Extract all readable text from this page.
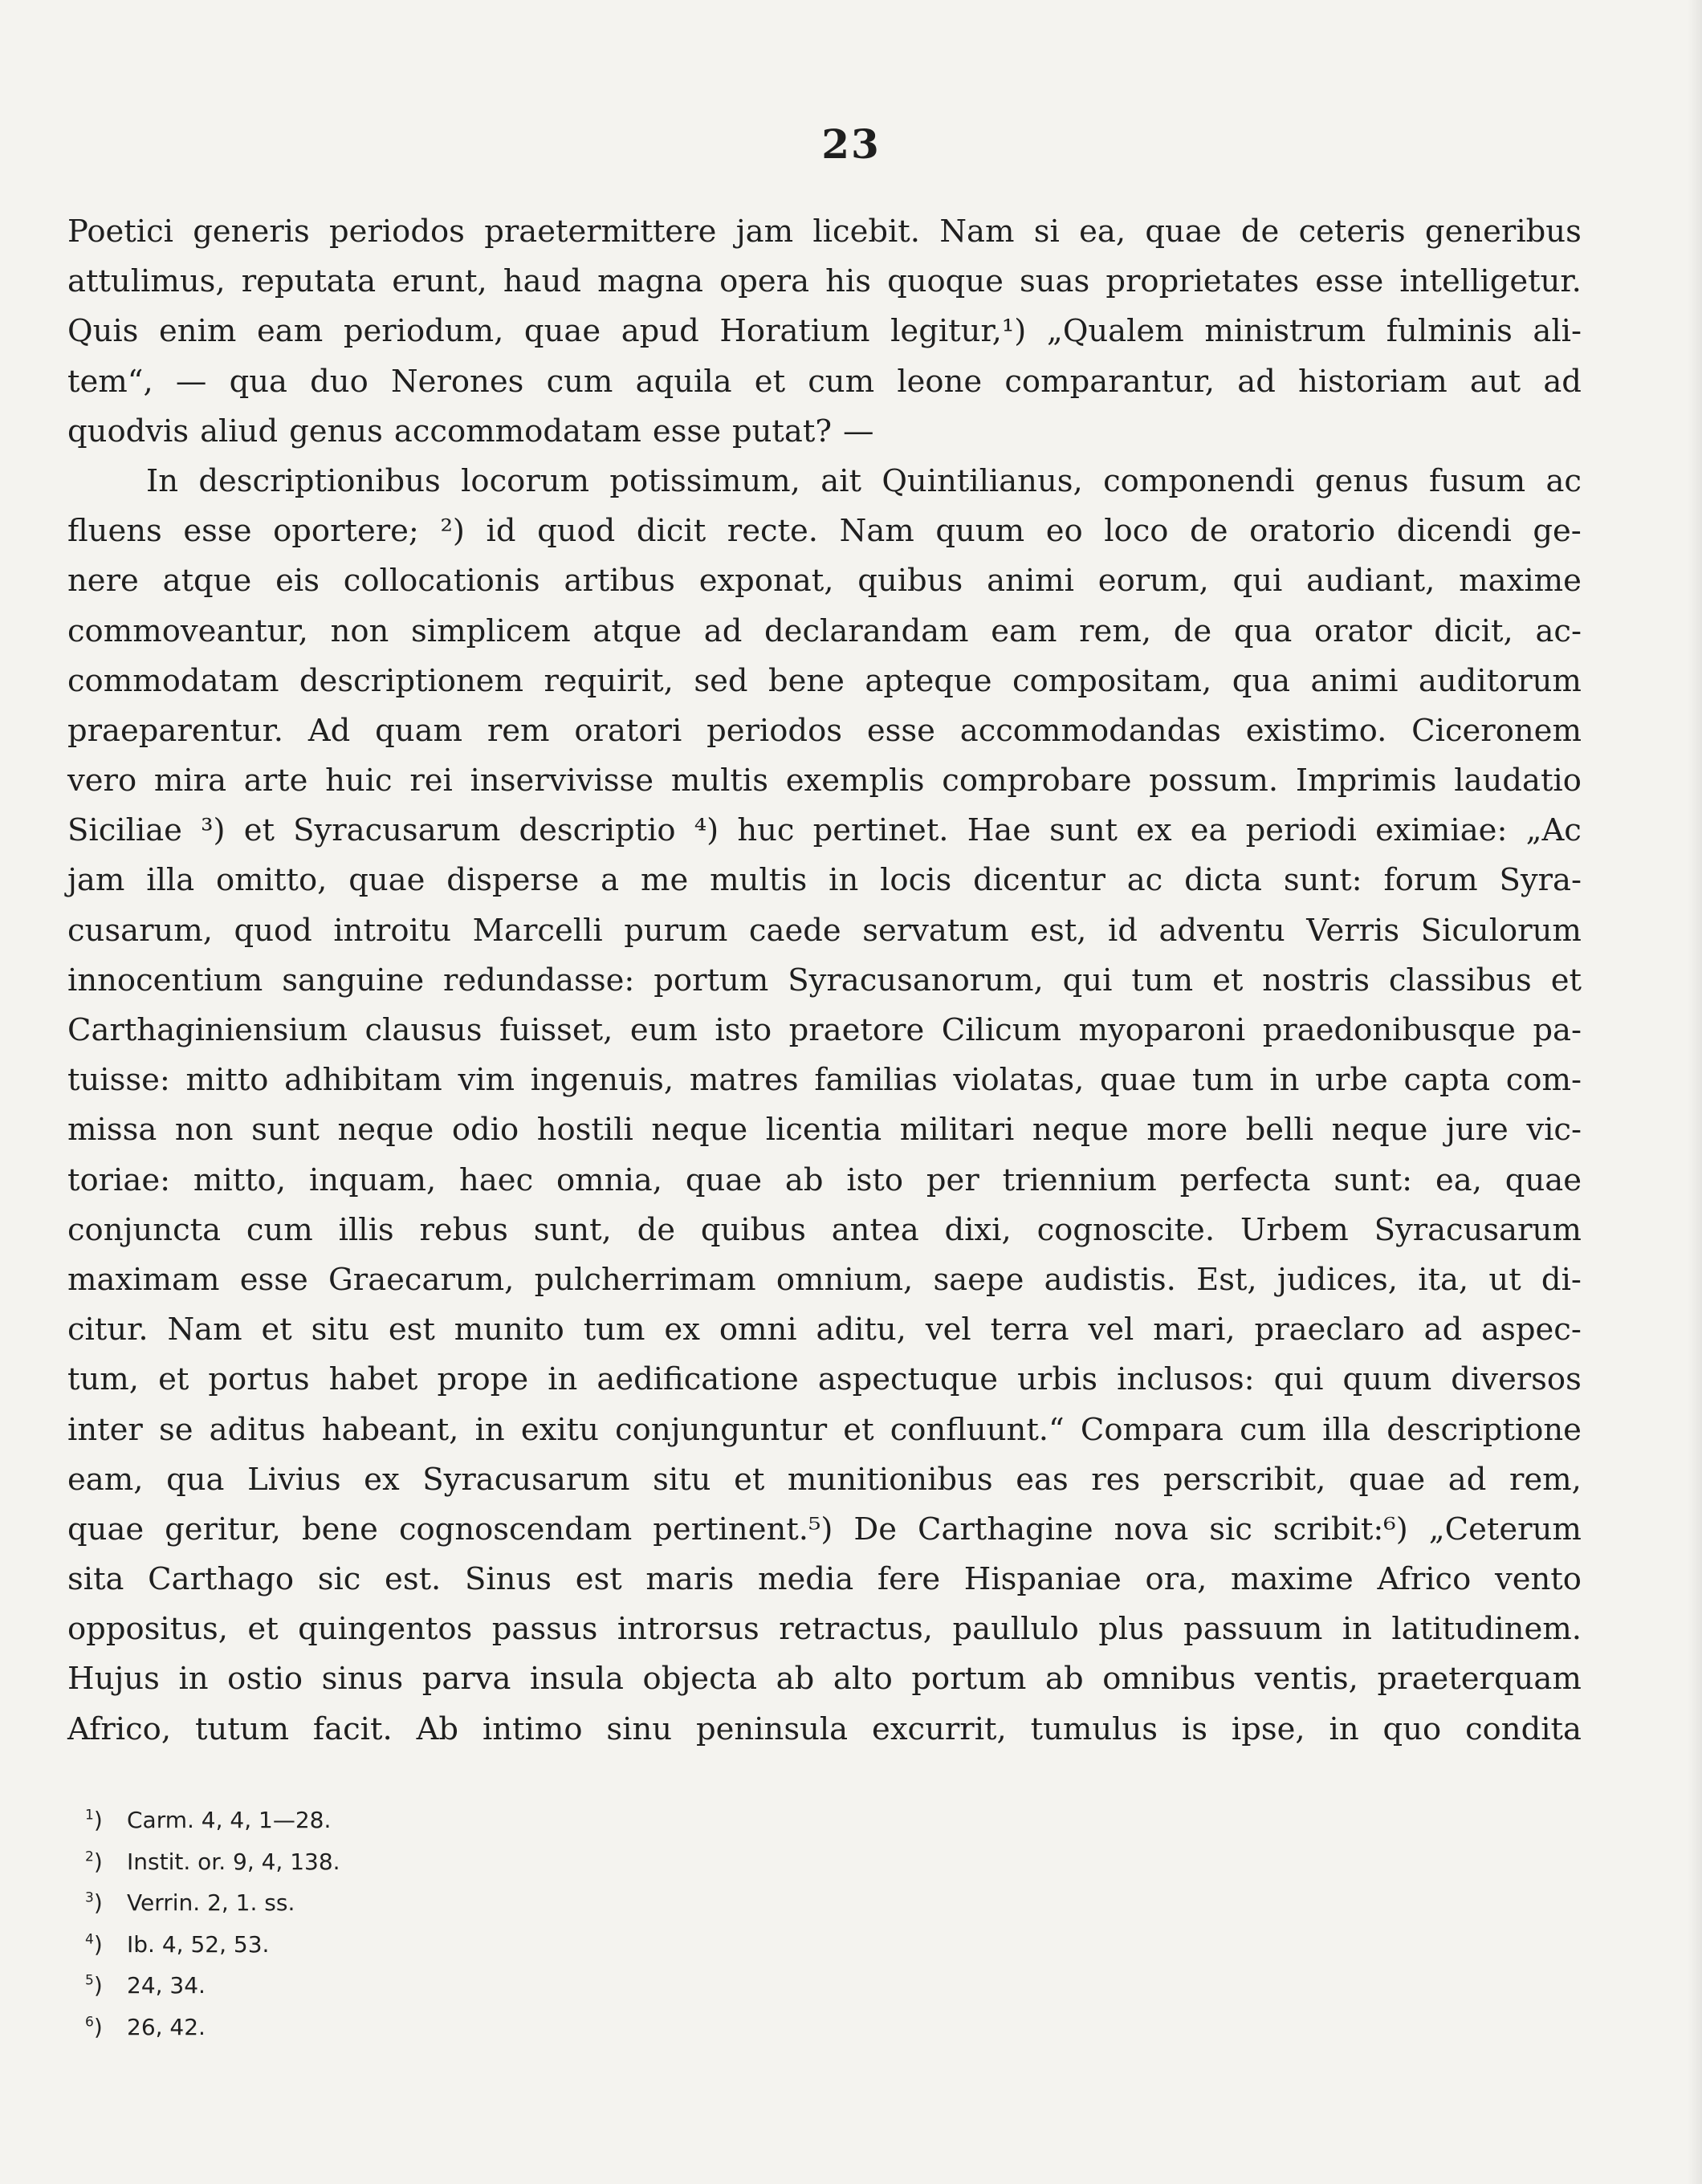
23
Poetici generis periodos praetermittere jam licebit. Nam si ea, quae de ceteris generibus
attulimus, reputata erunt, haud magna opera his quoque suas proprietates esse intelligetur.
Quis enim eam periodum, quae apud Horatium legitur,¹) „Qualem ministrum fulminis ali-
tem“, — qua duo Nerones cum aquila et cum leone comparantur, ad historiam aut ad
quodvis aliud genus accommodatam esse putat? —
In descriptionibus locorum potissimum, ait Quintilianus, componendi genus fusum ac
fluens esse oportere; ²) id quod dicit recte. Nam quum eo loco de oratorio dicendi ge-
nere atque eis collocationis artibus exponat, quibus animi eorum, qui audiant, maxime
commoveantur, non simplicem atque ad declarandam eam rem, de qua orator dicit, ac-
commodatam descriptionem requirit, sed bene apteque compositam, qua animi auditorum
praeparentur. Ad quam rem oratori periodos esse accommodandas existimo. Ciceronem
vero mira arte huic rei inservivisse multis exemplis comprobare possum. Imprimis laudatio
Siciliae ³) et Syracusarum descriptio ⁴) huc pertinet. Hae sunt ex ea periodi eximiae: „Ac
jam illa omitto, quae disperse a me multis in locis dicentur ac dicta sunt: forum Syra-
cusarum, quod introitu Marcelli purum caede servatum est, id adventu Verris Siculorum
innocentium sanguine redundasse: portum Syracusanorum, qui tum et nostris classibus et
Carthaginiensium clausus fuisset, eum isto praetore Cilicum myoparoni praedonibusque pa-
tuisse: mitto adhibitam vim ingenuis, matres familias violatas, quae tum in urbe capta com-
missa non sunt neque odio hostili neque licentia militari neque more belli neque jure vic-
toriae: mitto, inquam, haec omnia, quae ab isto per triennium perfecta sunt: ea, quae
conjuncta cum illis rebus sunt, de quibus antea dixi, cognoscite. Urbem Syracusarum
maximam esse Graecarum, pulcherrimam omnium, saepe audistis. Est, judices, ita, ut di-
citur. Nam et situ est munito tum ex omni aditu, vel terra vel mari, praeclaro ad aspec-
tum, et portus habet prope in aedificatione aspectuque urbis inclusos: qui quum diversos
inter se aditus habeant, in exitu conjunguntur et confluunt.“ Compara cum illa descriptione
eam, qua Livius ex Syracusarum situ et munitionibus eas res perscribit, quae ad rem,
quae geritur, bene cognoscendam pertinent.⁵) De Carthagine nova sic scribit:⁶) „Ceterum
sita Carthago sic est. Sinus est maris media fere Hispaniae ora, maxime Africo vento
oppositus, et quingentos passus introrsus retractus, paullulo plus passuum in latitudinem.
Hujus in ostio sinus parva insula objecta ab alto portum ab omnibus ventis, praeterquam
Africo, tutum facit. Ab intimo sinu peninsula excurrit, tumulus is ipse, in quo condita
$^1$) Carm. 4, 4, 1—28.
$^2$) Instit. or. 9, 4, 138.
$^3$) Verrin. 2, 1. ss.
$^4$) Ib. 4, 52, 53.
$^5$) 24, 34.
$^6$) 26, 42.
